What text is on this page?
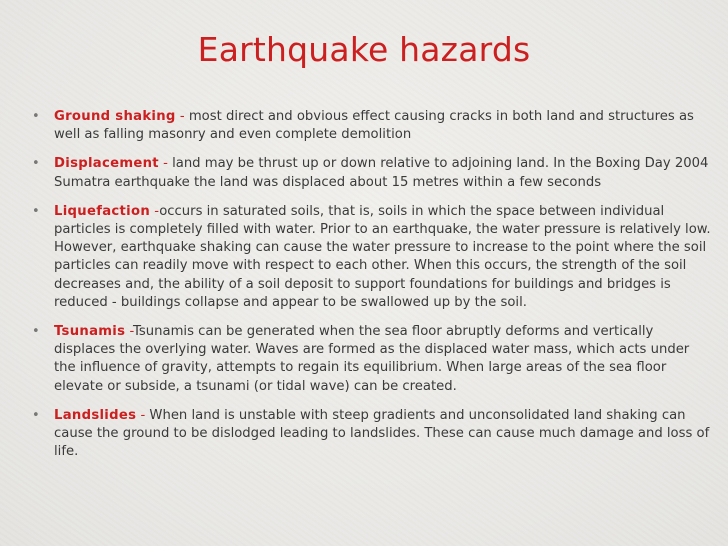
Earthquake hazards
• Ground shaking - most direct and obvious effect causing cracks in both land and structures as well as falling masonry and even complete demolition
• Displacement - land may be thrust up or down relative to adjoining land. In the Boxing Day 2004 Sumatra earthquake the land was displaced about 15 metres within a few seconds
• Liquefaction -occurs in saturated soils, that is, soils in which the space between individual particles is completely filled with water. Prior to an earthquake, the water pressure is relatively low. However, earthquake shaking can cause the water pressure to increase to the point where the soil particles can readily move with respect to each other. When this occurs, the strength of the soil decreases and, the ability of a soil deposit to support foundations for buildings and bridges is reduced - buildings collapse and appear to be swallowed up by the soil.
• Tsunamis -Tsunamis can be generated when the sea floor abruptly deforms and vertically displaces the overlying water. Waves are formed as the displaced water mass, which acts under the influence of gravity, attempts to regain its equilibrium. When large areas of the sea floor elevate or subside, a tsunami (or tidal wave) can be created.
• Landslides - When land is unstable with steep gradients and unconsolidated land shaking can cause the ground to be dislodged leading to landslides. These can cause much damage and loss of life.
